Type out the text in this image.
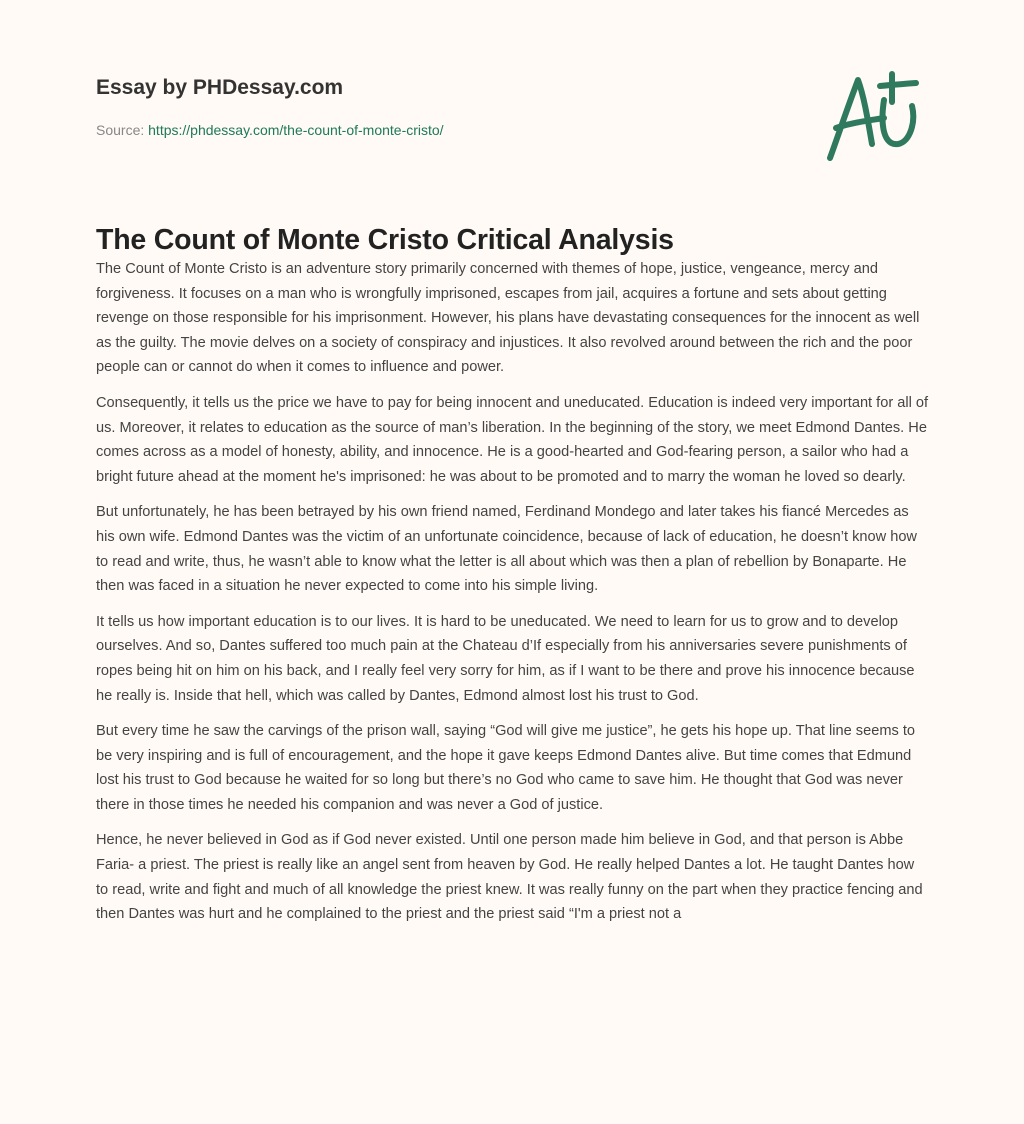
Essay by PHDessay.com

Source: https://phdessay.com/the-count-of-monte-cristo/
The Count of Monte Cristo Critical Analysis

The Count of Monte Cristo is an adventure story primarily concerned with themes of hope, justice, vengeance, mercy and forgiveness. It focuses on a man who is wrongfully imprisoned, escapes from jail, acquires a fortune and sets about getting revenge on those responsible for his imprisonment. However, his plans have devastating consequences for the innocent as well as the guilty. The movie delves on a society of conspiracy and injustices. It also revolved around between the rich and the poor people can or cannot do when it comes to influence and power.

Consequently, it tells us the price we have to pay for being innocent and uneducated. Education is indeed very important for all of us. Moreover, it relates to education as the source of man’s liberation. In the beginning of the story, we meet Edmond Dantes. He comes across as a model of honesty, ability, and innocence. He is a good-hearted and God-fearing person, a sailor who had a bright future ahead at the moment he's imprisoned: he was about to be promoted and to marry the woman he loved so dearly.

But unfortunately, he has been betrayed by his own friend named, Ferdinand Mondego and later takes his fiancé Mercedes as his own wife. Edmond Dantes was the victim of an unfortunate coincidence, because of lack of education, he doesn’t know how to read and write, thus, he wasn’t able to know what the letter is all about which was then a plan of rebellion by Bonaparte. He then was faced in a situation he never expected to come into his simple living.

It tells us how important education is to our lives. It is hard to be uneducated. We need to learn for us to grow and to develop ourselves. And so, Dantes suffered too much pain at the Chateau d’If especially from his anniversaries severe punishments of ropes being hit on him on his back, and I really feel very sorry for him, as if I want to be there and prove his innocence because he really is. Inside that hell, which was called by Dantes, Edmond almost lost his trust to God.

But every time he saw the carvings of the prison wall, saying “God will give me justice”, he gets his hope up. That line seems to be very inspiring and is full of encouragement, and the hope it gave keeps Edmond Dantes alive. But time comes that Edmund lost his trust to God because he waited for so long but there’s no God who came to save him. He thought that God was never there in those times he needed his companion and was never a God of justice.

Hence, he never believed in God as if God never existed. Until one person made him believe in God, and that person is Abbe Faria- a priest. The priest is really like an angel sent from heaven by God. He really helped Dantes a lot. He taught Dantes how to read, write and fight and much of all knowledge the priest knew. It was really funny on the part when they practice fencing and then Dantes was hurt and he complained to the priest and the priest said “I'm a priest not a
